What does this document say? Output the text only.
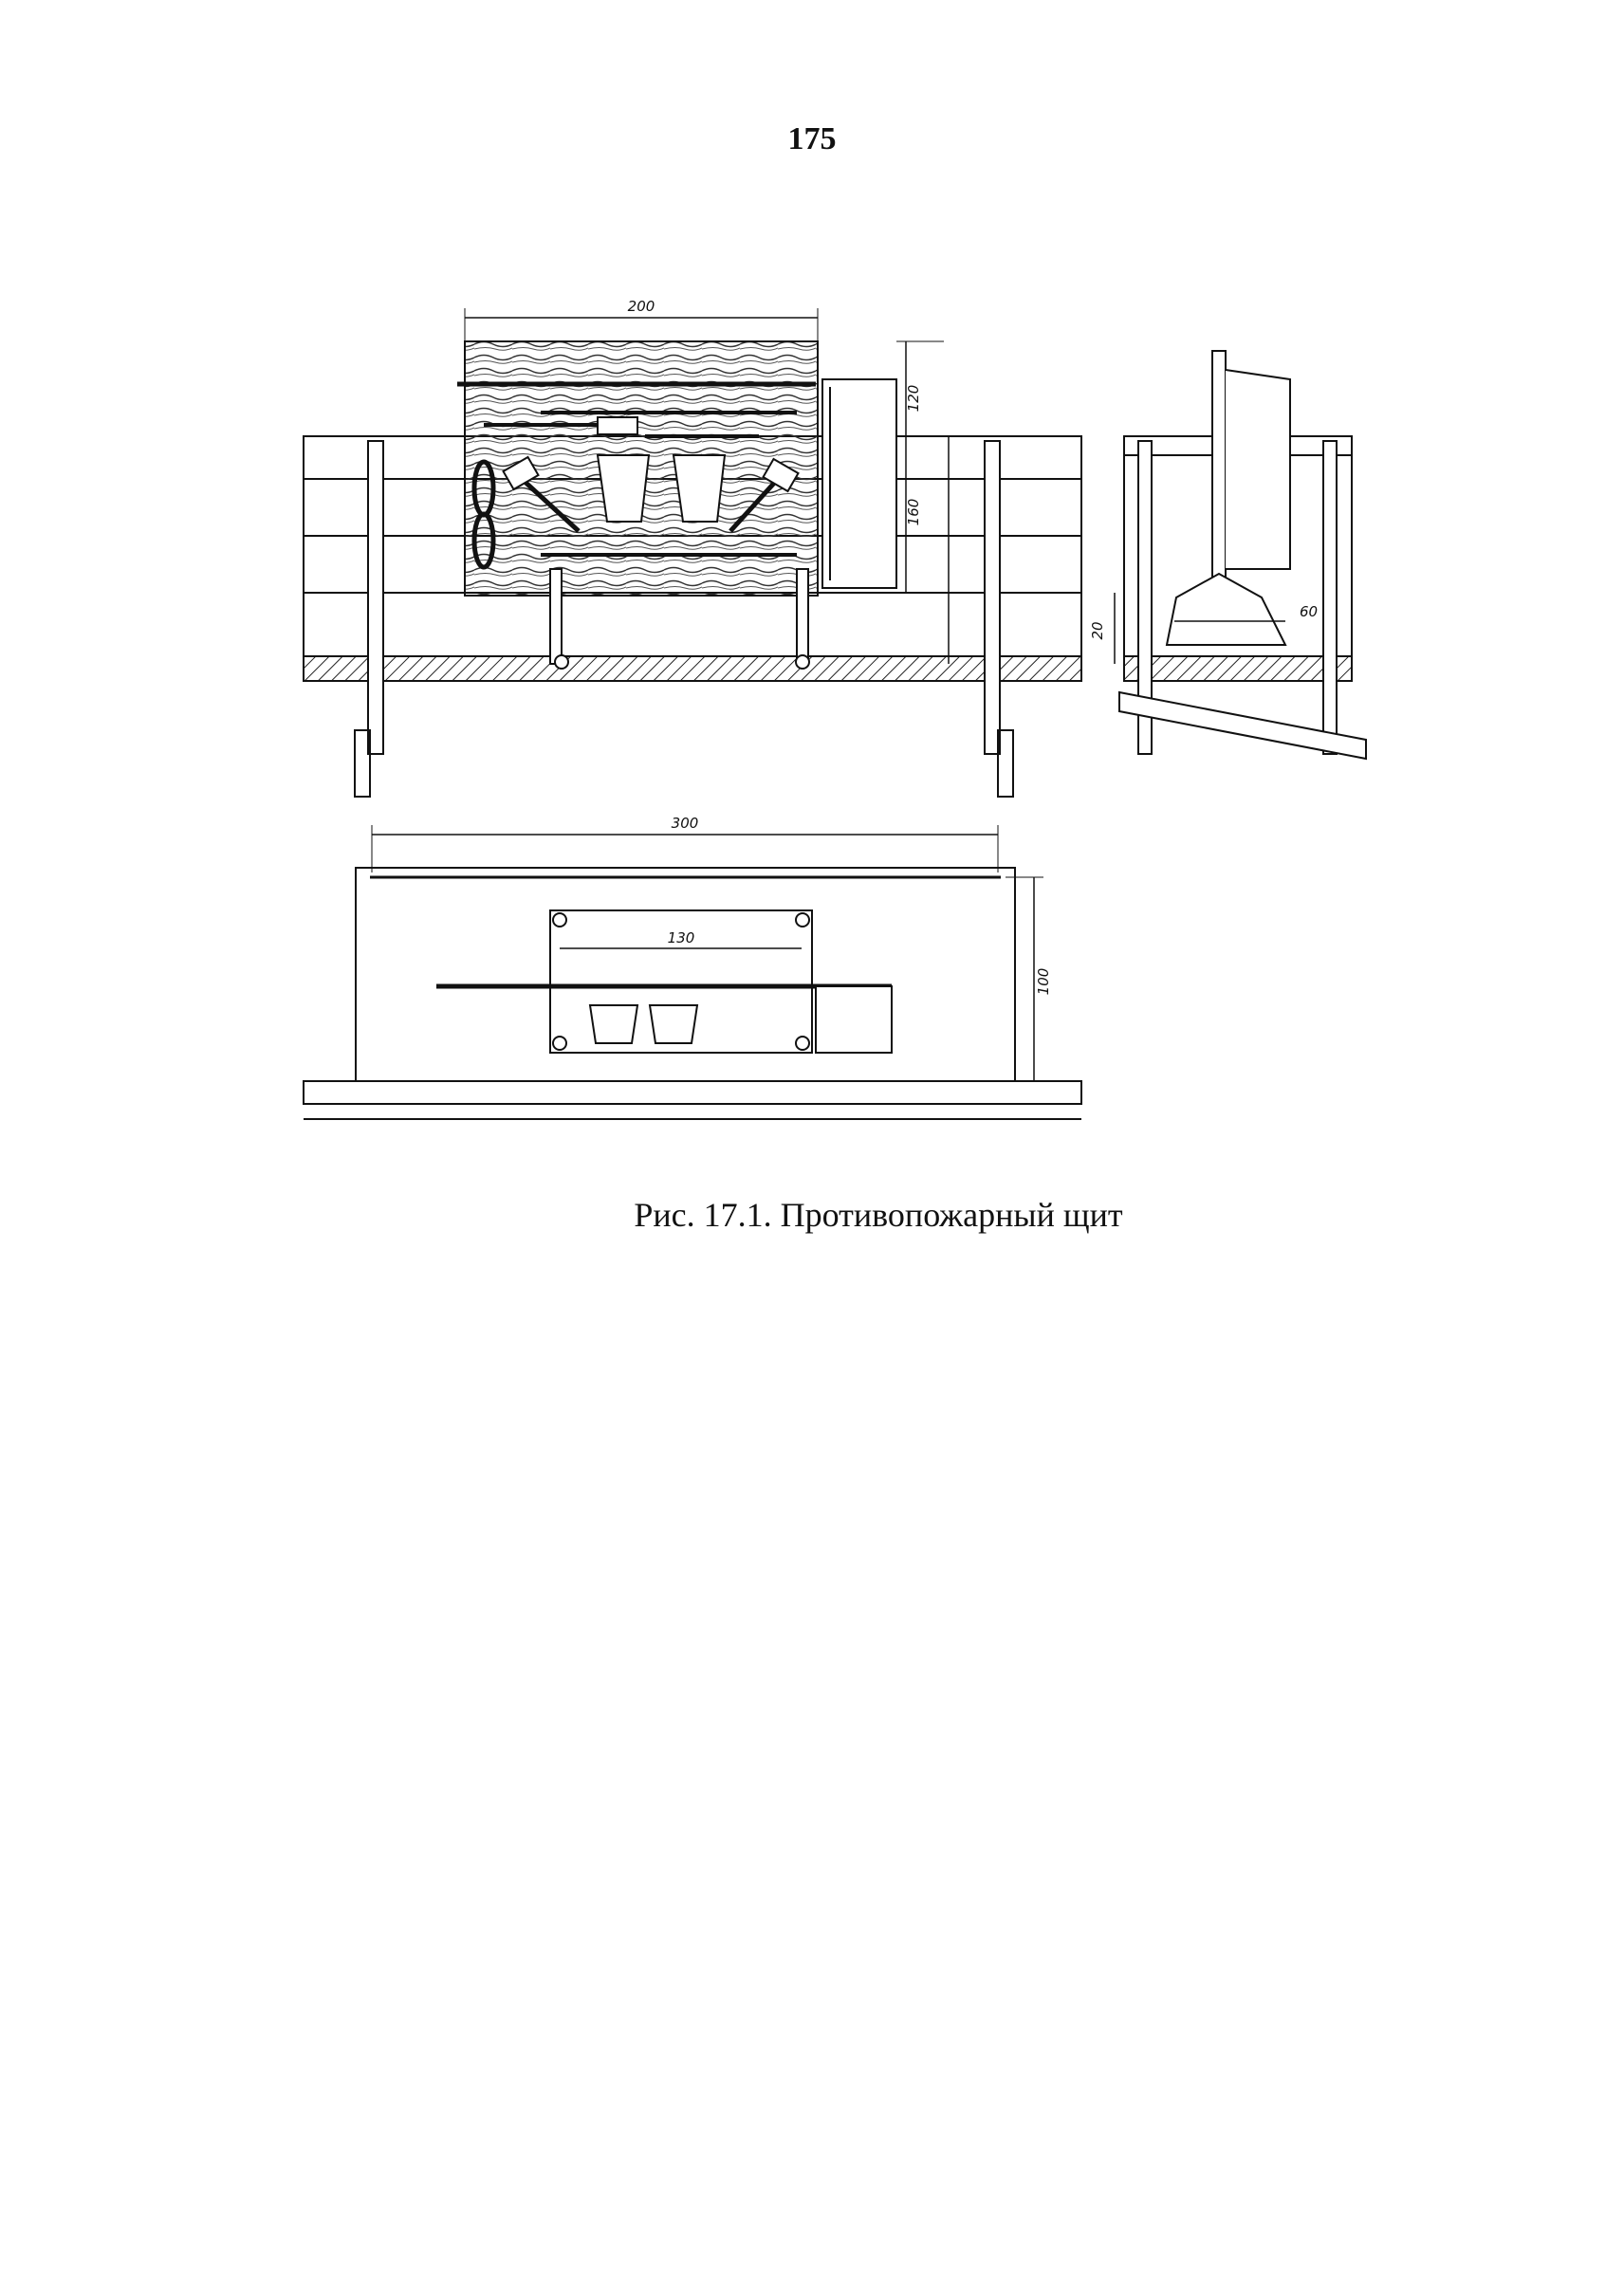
175
200
120
160
60
20
300
130
100
Рис. 17.1. Противопожарный щит
